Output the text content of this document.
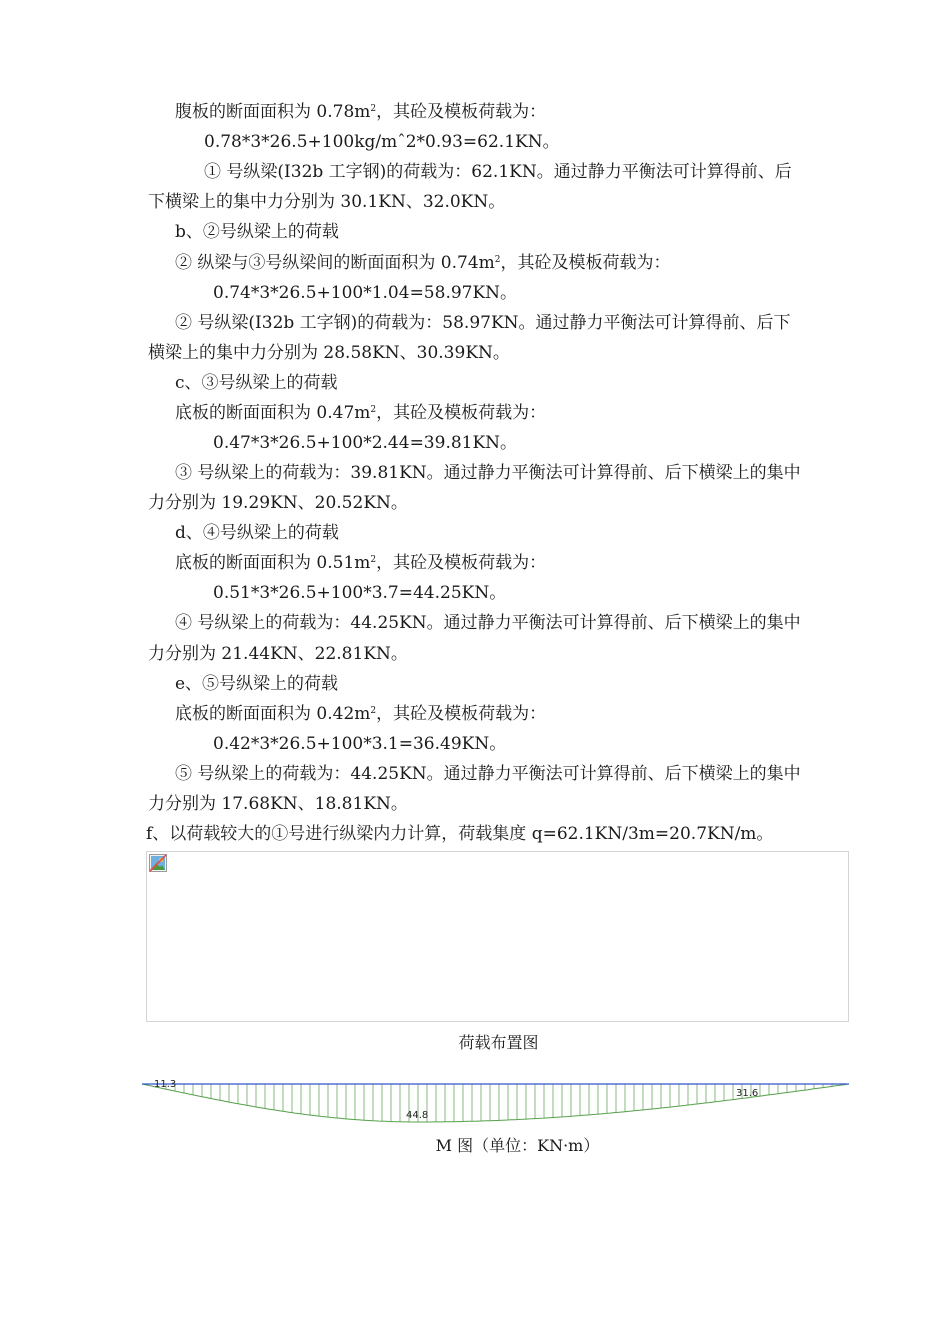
腹板的断面面积为 $0.78m^2$，其砼及模板荷载为：
0.78*3*26.5+100kg/mˆ2*0.93=62.1KN。
① 号纵梁(I32b 工字钢)的荷载为：62.1KN。通过静力平衡法可计算得前、后
下横梁上的集中力分别为 30.1KN、32.0KN。
b、②号纵梁上的荷载
② 纵梁与③号纵梁间的断面面积为 $0.74m^2$，其砼及模板荷载为：
0.74*3*26.5+100*1.04=58.97KN。
② 号纵梁(I32b 工字钢)的荷载为：58.97KN。通过静力平衡法可计算得前、后下
横梁上的集中力分别为 28.58KN、30.39KN。
c、③号纵梁上的荷载
底板的断面面积为 $0.47m^2$，其砼及模板荷载为：
0.47*3*26.5+100*2.44=39.81KN。
③ 号纵梁上的荷载为：39.81KN。通过静力平衡法可计算得前、后下横梁上的集中
力分别为 19.29KN、20.52KN。
d、④号纵梁上的荷载
底板的断面面积为 $0.51m^2$，其砼及模板荷载为：
0.51*3*26.5+100*3.7=44.25KN。
④ 号纵梁上的荷载为：44.25KN。通过静力平衡法可计算得前、后下横梁上的集中
力分别为 21.44KN、22.81KN。
e、⑤号纵梁上的荷载
底板的断面面积为 $0.42m^2$，其砼及模板荷载为：
0.42*3*26.5+100*3.1=36.49KN。
⑤ 号纵梁上的荷载为：44.25KN。通过静力平衡法可计算得前、后下横梁上的集中
力分别为 17.68KN、18.81KN。
f、以荷载较大的①号进行纵梁内力计算，荷载集度 q=62.1KN/3m=20.7KN/m。
荷载布置图
11.3
44.8
31.6
M 图（单位：KN·m）
